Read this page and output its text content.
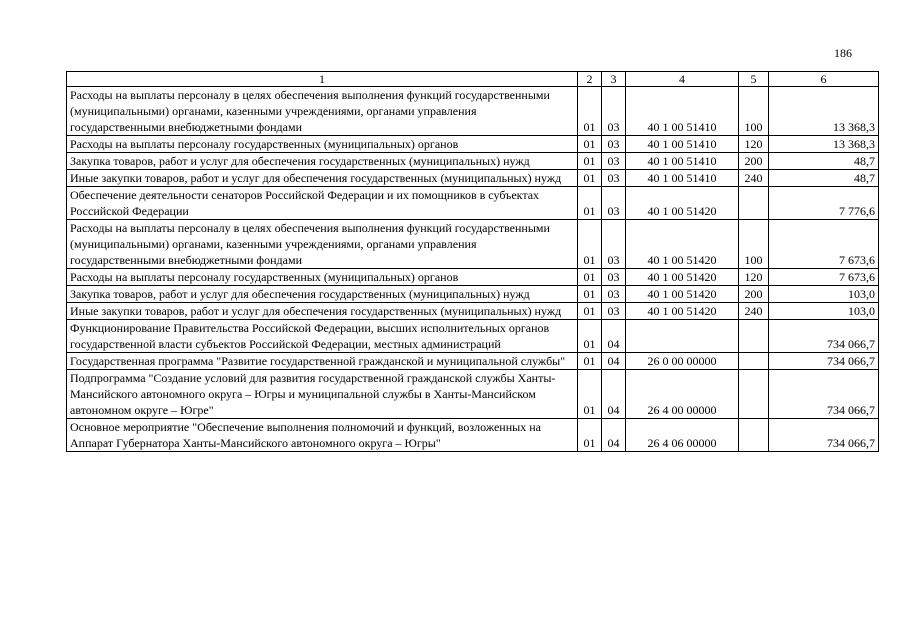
186
1	2	3	4	5	6
Расходы на выплаты персоналу в целях обеспечения выполнения функций государственными (муниципальными) органами, казенными учреждениями, органами управления государственными внебюджетными фондами	01	03	40 1 00 51410	100	13 368,3
Расходы на выплаты персоналу государственных (муниципальных) органов	01	03	40 1 00 51410	120	13 368,3
Закупка товаров, работ и услуг для обеспечения государственных (муниципальных) нужд	01	03	40 1 00 51410	200	48,7
Иные закупки товаров, работ и услуг для обеспечения государственных (муниципальных) нужд	01	03	40 1 00 51410	240	48,7
Обеспечение деятельности сенаторов Российской Федерации и их помощников в субъектах Российской Федерации	01	03	40 1 00 51420		7 776,6
Расходы на выплаты персоналу в целях обеспечения выполнения функций государственными (муниципальными) органами, казенными учреждениями, органами управления государственными внебюджетными фондами	01	03	40 1 00 51420	100	7 673,6
Расходы на выплаты персоналу государственных (муниципальных) органов	01	03	40 1 00 51420	120	7 673,6
Закупка товаров, работ и услуг для обеспечения государственных (муниципальных) нужд	01	03	40 1 00 51420	200	103,0
Иные закупки товаров, работ и услуг для обеспечения государственных (муниципальных) нужд	01	03	40 1 00 51420	240	103,0
Функционирование Правительства Российской Федерации, высших исполнительных органов государственной власти субъектов Российской Федерации, местных администраций	01	04			734 066,7
Государственная программа "Развитие государственной гражданской и муниципальной службы"	01	04	26 0 00 00000		734 066,7
Подпрограмма "Создание условий для развития государственной гражданской службы Ханты-Мансийского автономного округа – Югры и муниципальной службы в Ханты-Мансийском автономном округе – Югре"	01	04	26 4 00 00000		734 066,7
Основное мероприятие "Обеспечение выполнения полномочий и функций, возложенных на Аппарат Губернатора Ханты-Мансийского автономного округа – Югры"	01	04	26 4 06 00000		734 066,7
